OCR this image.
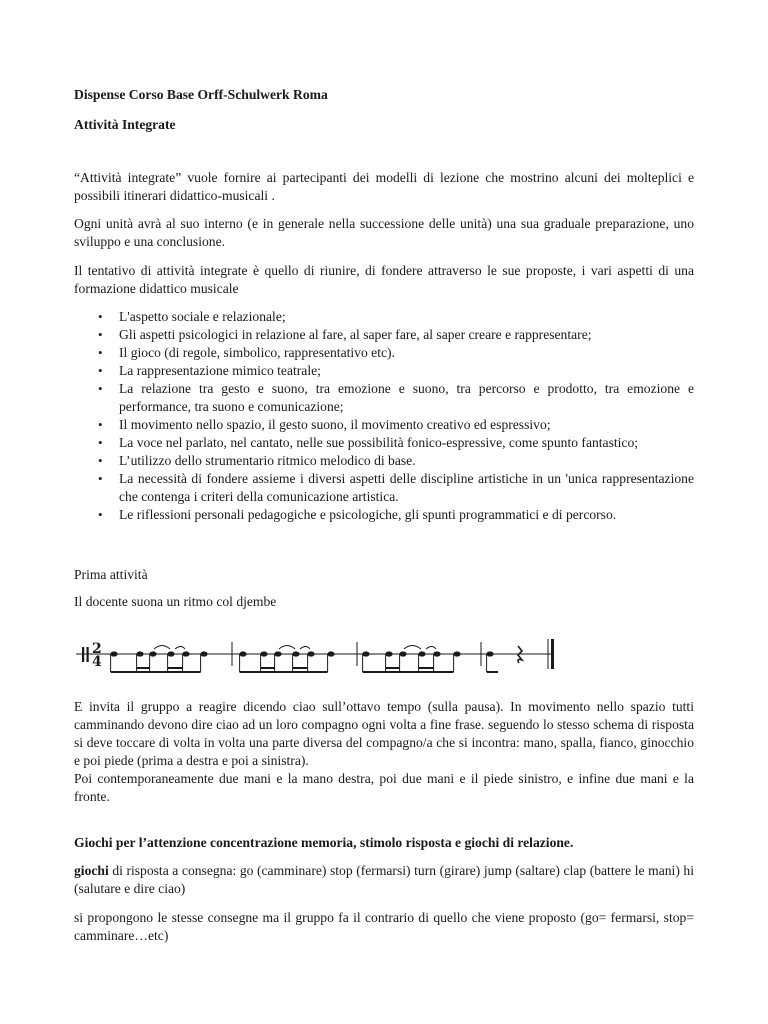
Dispense Corso Base Orff-Schulwerk Roma
Attività Integrate
“Attività integrate” vuole fornire ai partecipanti dei modelli di lezione che mostrino alcuni dei molteplici e possibili itinerari didattico-musicali .
Ogni unità avrà al suo interno (e in generale nella successione delle unità) una sua graduale preparazione, uno sviluppo e una conclusione.
Il tentativo di attività integrate è quello di riunire, di fondere attraverso le sue proposte, i vari aspetti di una formazione didattico musicale
• L'aspetto sociale e relazionale;
• Gli aspetti psicologici in relazione al fare, al saper fare, al saper creare e rappresentare;
• Il gioco (di regole, simbolico, rappresentativo etc).
• La rappresentazione mimico teatrale;
• La relazione tra gesto e suono, tra emozione e suono, tra percorso e prodotto, tra emozione e performance, tra suono e comunicazione;
• Il movimento nello spazio, il gesto suono, il movimento creativo ed espressivo;
• La voce nel parlato, nel cantato, nelle sue possibilità fonico-espressive, come spunto fantastico;
• L’utilizzo dello strumentario ritmico melodico di base.
• La necessità di fondere assieme i diversi aspetti delle discipline artistiche in un 'unica rappresentazione che contenga i criteri della comunicazione artistica.
• Le riflessioni personali pedagogiche e psicologiche, gli spunti programmatici e di percorso.
Prima attività
Il docente suona un ritmo col djembe
2
4
E invita il gruppo a reagire dicendo ciao sull’ottavo tempo (sulla pausa). In movimento nello spazio tutti camminando devono dire ciao ad un loro compagno ogni volta a fine frase. seguendo lo stesso schema di risposta si deve toccare di volta in volta una parte diversa del compagno/a che si incontra: mano, spalla, fianco, ginocchio e poi piede (prima a destra e poi a sinistra).
Poi contemporaneamente due mani e la mano destra, poi due mani e il piede sinistro, e infine due mani e la fronte.
Giochi per l’attenzione concentrazione memoria, stimolo risposta e giochi di relazione.
giochi di risposta a consegna: go (camminare) stop (fermarsi) turn (girare) jump (saltare) clap (battere le mani) hi (salutare e dire ciao)
si propongono le stesse consegne ma il gruppo fa il contrario di quello che viene proposto (go= fermarsi, stop= camminare…etc)
